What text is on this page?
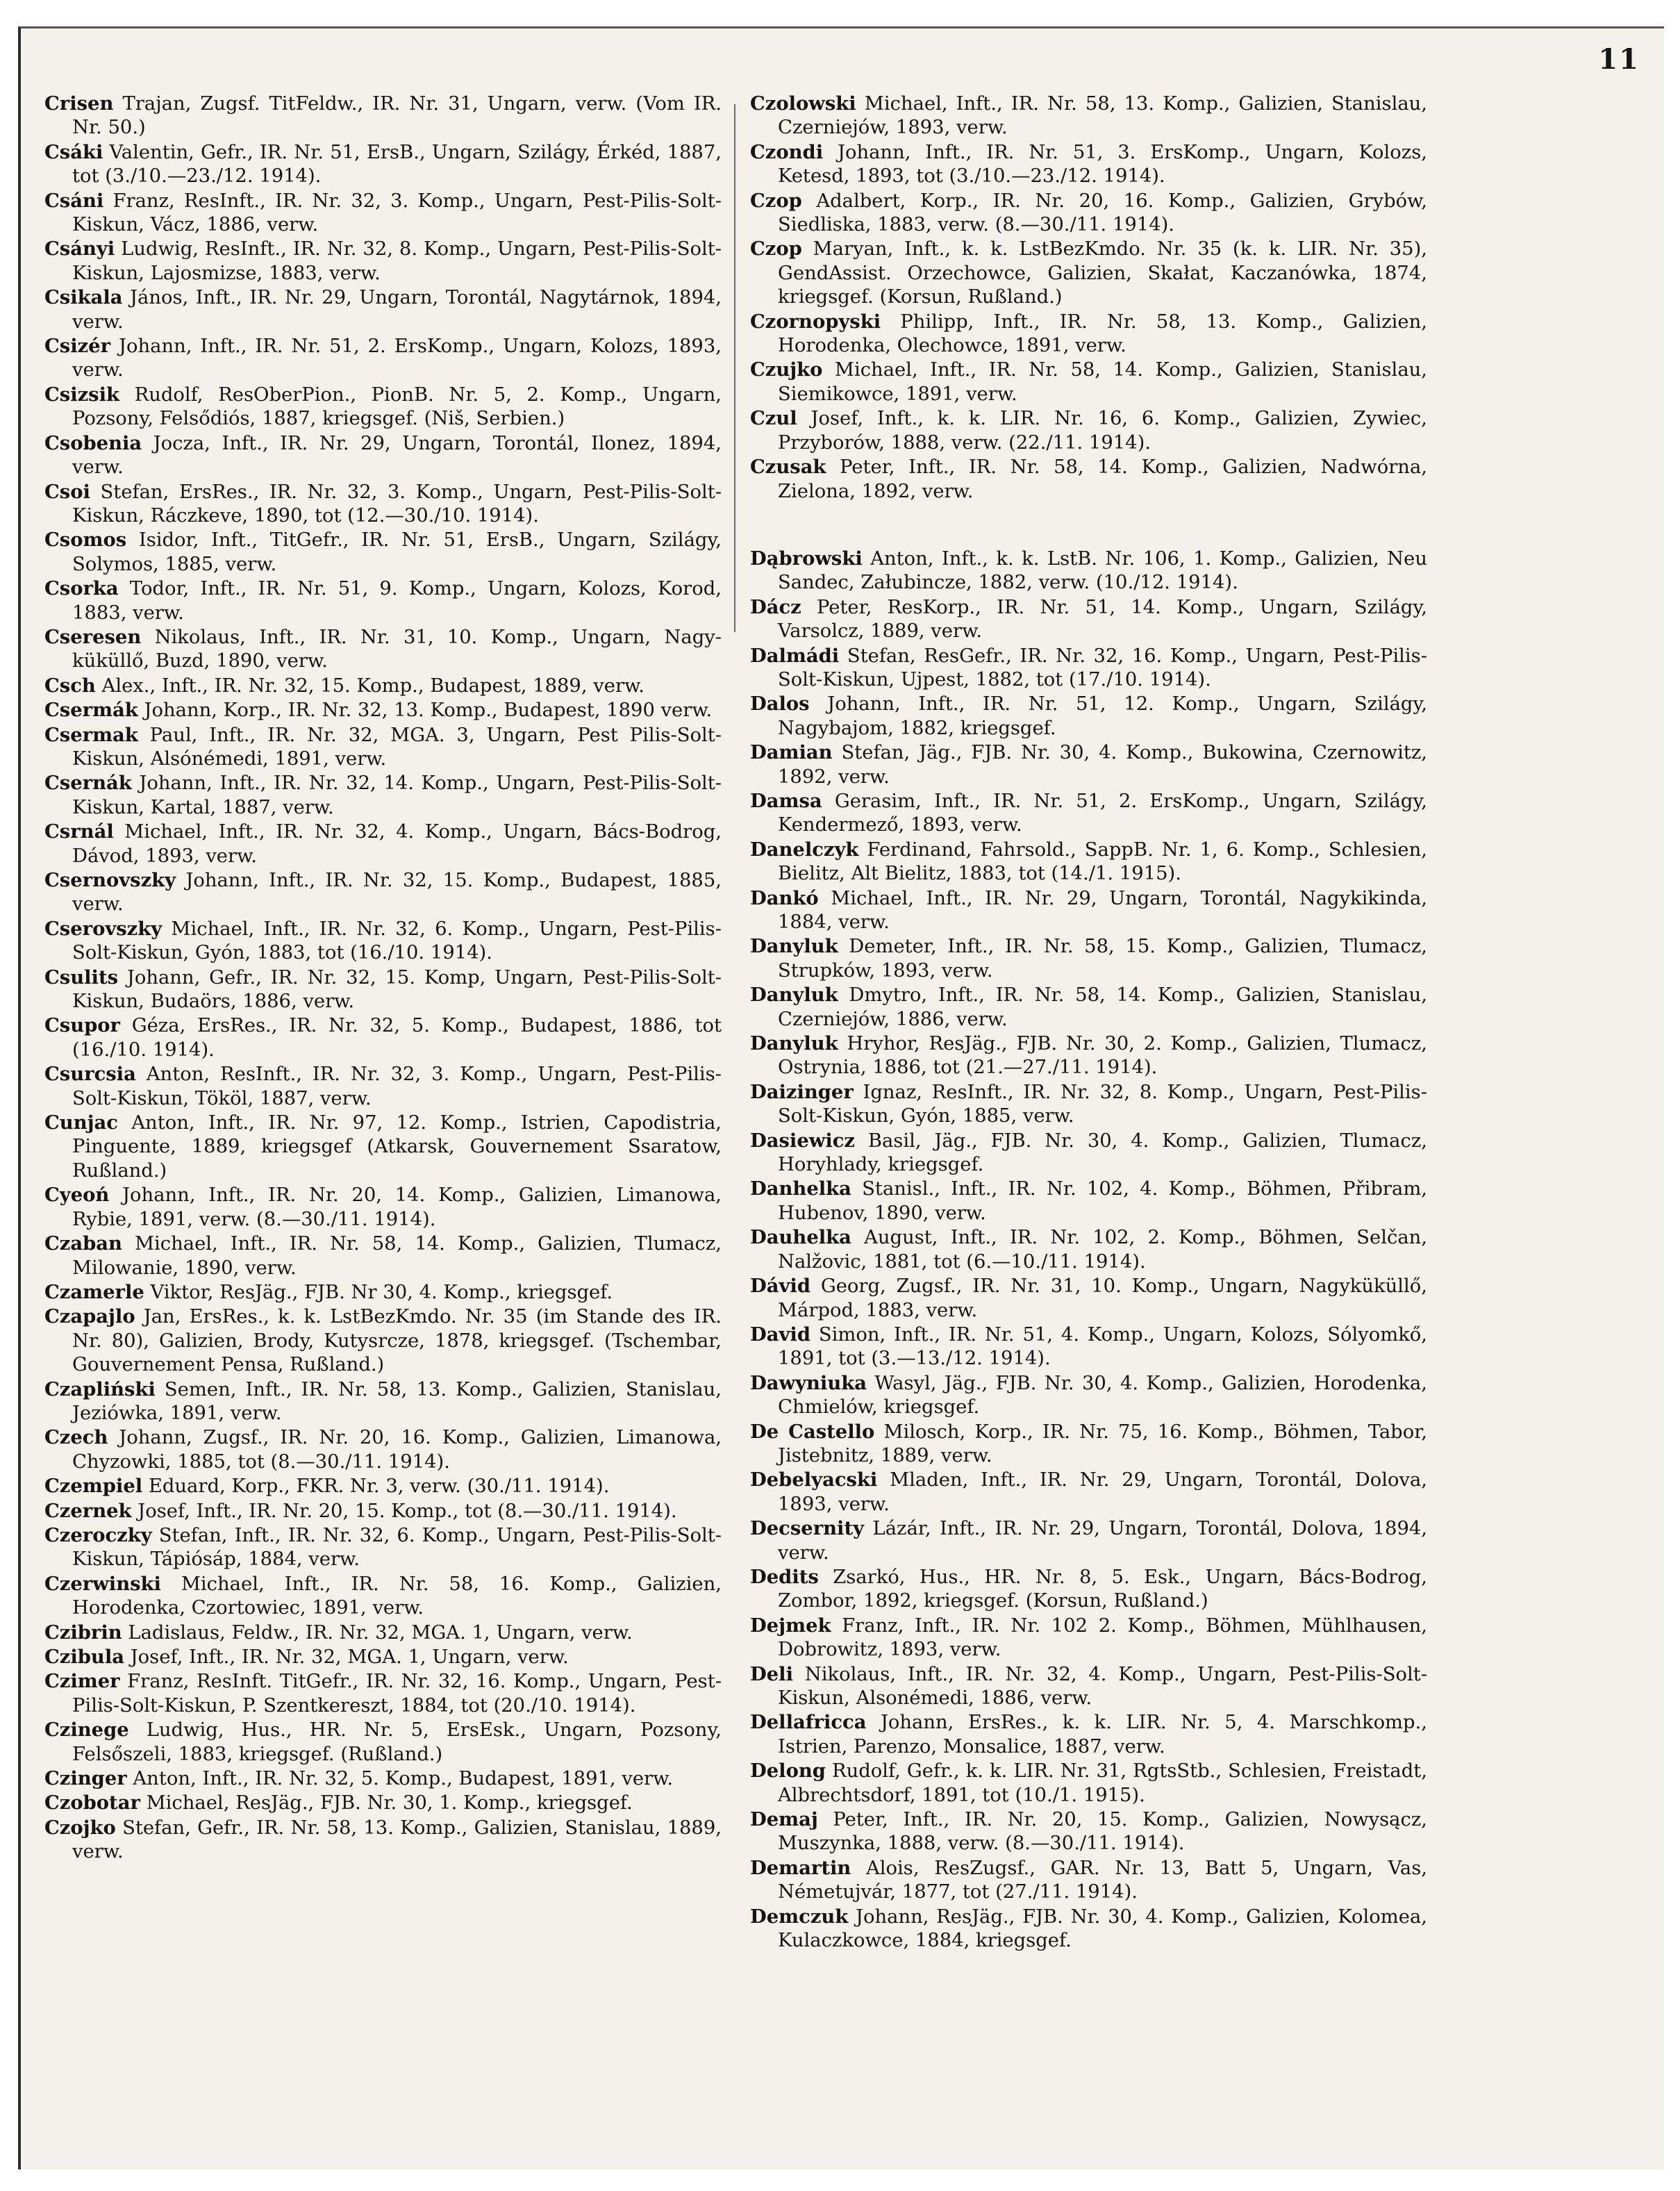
11

Crisen Trajan, Zugsf. TitFeldw., IR. Nr. 31, Ungarn, verw. (Vom IR. Nr. 50.)

Csáki Valentin, Gefr., IR. Nr. 51, ErsB., Ungarn, Szilágy, Érkéd, 1887, tot (3./10.—23./12. 1914).

Csáni Franz, ResInft., IR. Nr. 32, 3. Komp., Ungarn, Pest-Pilis-Solt-Kiskun, Vácz, 1886, verw.

Csányi Ludwig, ResInft., IR. Nr. 32, 8. Komp., Ungarn, Pest-Pilis-Solt-Kiskun, Lajosmizse, 1883, verw.

Csikala János, Inft., IR. Nr. 29, Ungarn, Torontál, Nagytárnok, 1894, verw.

Csizér Johann, Inft., IR. Nr. 51, 2. ErsKomp., Ungarn, Kolozs, 1893, verw.

Csizsik Rudolf, ResOberPion., PionB. Nr. 5, 2. Komp., Ungarn, Pozsony, Felsődiós, 1887, kriegsgef. (Niš, Serbien.)

Csobenia Jocza, Inft., IR. Nr. 29, Ungarn, Torontál, Ilonez, 1894, verw.

Csoi Stefan, ErsRes., IR. Nr. 32, 3. Komp., Ungarn, Pest-Pilis-Solt-Kiskun, Ráczkeve, 1890, tot (12.—30./10. 1914).

Csomos Isidor, Inft., TitGefr., IR. Nr. 51, ErsB., Ungarn, Szilágy, Solymos, 1885, verw.

Csorka Todor, Inft., IR. Nr. 51, 9. Komp., Ungarn, Kolozs, Korod, 1883, verw.

Cseresen Nikolaus, Inft., IR. Nr. 31, 10. Komp., Ungarn, Nagy-küküllő, Buzd, 1890, verw.

Csch Alex., Inft., IR. Nr. 32, 15. Komp., Budapest, 1889, verw.

Csermák Johann, Korp., IR. Nr. 32, 13. Komp., Budapest, 1890 verw.

Csermak Paul, Inft., IR. Nr. 32, MGA. 3, Ungarn, Pest Pilis-Solt-Kiskun, Alsónémedi, 1891, verw.

Csernák Johann, Inft., IR. Nr. 32, 14. Komp., Ungarn, Pest-Pilis-Solt-Kiskun, Kartal, 1887, verw.

Csrnál Michael, Inft., IR. Nr. 32, 4. Komp., Ungarn, Bács-Bodrog, Dávod, 1893, verw.

Csernovszky Johann, Inft., IR. Nr. 32, 15. Komp., Budapest, 1885, verw.

Cserovszky Michael, Inft., IR. Nr. 32, 6. Komp., Ungarn, Pest-Pilis-Solt-Kiskun, Gyón, 1883, tot (16./10. 1914).

Csulits Johann, Gefr., IR. Nr. 32, 15. Komp, Ungarn, Pest-Pilis-Solt-Kiskun, Budaörs, 1886, verw.

Csupor Géza, ErsRes., IR. Nr. 32, 5. Komp., Budapest, 1886, tot (16./10. 1914).

Csurcsia Anton, ResInft., IR. Nr. 32, 3. Komp., Ungarn, Pest-Pilis-Solt-Kiskun, Tököl, 1887, verw.

Cunjac Anton, Inft., IR. Nr. 97, 12. Komp., Istrien, Capodistria, Pinguente, 1889, kriegsgef (Atkarsk, Gouvernement Ssaratow, Rußland.)

Cyeoń Johann, Inft., IR. Nr. 20, 14. Komp., Galizien, Limanowa, Rybie, 1891, verw. (8.—30./11. 1914).

Czaban Michael, Inft., IR. Nr. 58, 14. Komp., Galizien, Tlumacz, Milowanie, 1890, verw.

Czamerle Viktor, ResJäg., FJB. Nr 30, 4. Komp., kriegsgef.

Czapajlo Jan, ErsRes., k. k. LstBezKmdo. Nr. 35 (im Stande des IR. Nr. 80), Galizien, Brody, Kutysrcze, 1878, kriegsgef. (Tschembar, Gouvernement Pensa, Rußland.)

Czapliński Semen, Inft., IR. Nr. 58, 13. Komp., Galizien, Stanislau, Jeziówka, 1891, verw.

Czech Johann, Zugsf., IR. Nr. 20, 16. Komp., Galizien, Limanowa, Chyzowki, 1885, tot (8.—30./11. 1914).

Czempiel Eduard, Korp., FKR. Nr. 3, verw. (30./11. 1914).

Czernek Josef, Inft., IR. Nr. 20, 15. Komp., tot (8.—30./11. 1914).

Czeroczky Stefan, Inft., IR. Nr. 32, 6. Komp., Ungarn, Pest-Pilis-Solt-Kiskun, Tápiósáp, 1884, verw.

Czerwinski Michael, Inft., IR. Nr. 58, 16. Komp., Galizien, Horodenka, Czortowiec, 1891, verw.

Czibrin Ladislaus, Feldw., IR. Nr. 32, MGA. 1, Ungarn, verw.

Czibula Josef, Inft., IR. Nr. 32, MGA. 1, Ungarn, verw.

Czimer Franz, ResInft. TitGefr., IR. Nr. 32, 16. Komp., Ungarn, Pest-Pilis-Solt-Kiskun, P. Szentkereszt, 1884, tot (20./10. 1914).

Czinege Ludwig, Hus., HR. Nr. 5, ErsEsk., Ungarn, Pozsony, Felsőszeli, 1883, kriegsgef. (Rußland.)

Czinger Anton, Inft., IR. Nr. 32, 5. Komp., Budapest, 1891, verw.

Czobotar Michael, ResJäg., FJB. Nr. 30, 1. Komp., kriegsgef.

Czojko Stefan, Gefr., IR. Nr. 58, 13. Komp., Galizien, Stanislau, 1889, verw.

Czolowski Michael, Inft., IR. Nr. 58, 13. Komp., Galizien, Stanislau, Czerniejów, 1893, verw.

Czondi Johann, Inft., IR. Nr. 51, 3. ErsKomp., Ungarn, Kolozs, Ketesd, 1893, tot (3./10.—23./12. 1914).

Czop Adalbert, Korp., IR. Nr. 20, 16. Komp., Galizien, Grybów, Siedliska, 1883, verw. (8.—30./11. 1914).

Czop Maryan, Inft., k. k. LstBezKmdo. Nr. 35 (k. k. LIR. Nr. 35), GendAssist. Orzechowce, Galizien, Skałat, Kaczanówka, 1874, kriegsgef. (Korsun, Rußland.)

Czornopyski Philipp, Inft., IR. Nr. 58, 13. Komp., Galizien, Horodenka, Olechowce, 1891, verw.

Czujko Michael, Inft., IR. Nr. 58, 14. Komp., Galizien, Stanislau, Siemikowce, 1891, verw.

Czul Josef, Inft., k. k. LIR. Nr. 16, 6. Komp., Galizien, Zywiec, Przyborów, 1888, verw. (22./11. 1914).

Czusak Peter, Inft., IR. Nr. 58, 14. Komp., Galizien, Nadwórna, Zielona, 1892, verw.

Dąbrowski Anton, Inft., k. k. LstB. Nr. 106, 1. Komp., Galizien, Neu Sandec, Załubincze, 1882, verw. (10./12. 1914).

Dácz Peter, ResKorp., IR. Nr. 51, 14. Komp., Ungarn, Szilágy, Varsolcz, 1889, verw.

Dalmádi Stefan, ResGefr., IR. Nr. 32, 16. Komp., Ungarn, Pest-Pilis-Solt-Kiskun, Ujpest, 1882, tot (17./10. 1914).

Dalos Johann, Inft., IR. Nr. 51, 12. Komp., Ungarn, Szilágy, Nagybajom, 1882, kriegsgef.

Damian Stefan, Jäg., FJB. Nr. 30, 4. Komp., Bukowina, Czernowitz, 1892, verw.

Damsa Gerasim, Inft., IR. Nr. 51, 2. ErsKomp., Ungarn, Szilágy, Kendermező, 1893, verw.

Danelczyk Ferdinand, Fahrsold., SappB. Nr. 1, 6. Komp., Schlesien, Bielitz, Alt Bielitz, 1883, tot (14./1. 1915).

Dankó Michael, Inft., IR. Nr. 29, Ungarn, Torontál, Nagykikinda, 1884, verw.

Danyluk Demeter, Inft., IR. Nr. 58, 15. Komp., Galizien, Tlumacz, Strupków, 1893, verw.

Danyluk Dmytro, Inft., IR. Nr. 58, 14. Komp., Galizien, Stanislau, Czerniejów, 1886, verw.

Danyluk Hryhor, ResJäg., FJB. Nr. 30, 2. Komp., Galizien, Tlumacz, Ostrynia, 1886, tot (21.—27./11. 1914).

Daizinger Ignaz, ResInft., IR. Nr. 32, 8. Komp., Ungarn, Pest-Pilis-Solt-Kiskun, Gyón, 1885, verw.

Dasiewicz Basil, Jäg., FJB. Nr. 30, 4. Komp., Galizien, Tlumacz, Horyhlady, kriegsgef.

Danhelka Stanisl., Inft., IR. Nr. 102, 4. Komp., Böhmen, Přibram, Hubenov, 1890, verw.

Dauhelka August, Inft., IR. Nr. 102, 2. Komp., Böhmen, Selčan, Nalžovic, 1881, tot (6.—10./11. 1914).

Dávid Georg, Zugsf., IR. Nr. 31, 10. Komp., Ungarn, Nagyküküllő, Márpod, 1883, verw.

David Simon, Inft., IR. Nr. 51, 4. Komp., Ungarn, Kolozs, Sólyomkő, 1891, tot (3.—13./12. 1914).

Dawyniuka Wasyl, Jäg., FJB. Nr. 30, 4. Komp., Galizien, Horodenka, Chmielów, kriegsgef.

De Castello Milosch, Korp., IR. Nr. 75, 16. Komp., Böhmen, Tabor, Jistebnitz, 1889, verw.

Debelyacski Mladen, Inft., IR. Nr. 29, Ungarn, Torontál, Dolova, 1893, verw.

Decsernity Lázár, Inft., IR. Nr. 29, Ungarn, Torontál, Dolova, 1894, verw.

Dedits Zsarkó, Hus., HR. Nr. 8, 5. Esk., Ungarn, Bács-Bodrog, Zombor, 1892, kriegsgef. (Korsun, Rußland.)

Dejmek Franz, Inft., IR. Nr. 102 2. Komp., Böhmen, Mühlhausen, Dobrowitz, 1893, verw.

Deli Nikolaus, Inft., IR. Nr. 32, 4. Komp., Ungarn, Pest-Pilis-Solt-Kiskun, Alsonémedi, 1886, verw.

Dellafricca Johann, ErsRes., k. k. LIR. Nr. 5, 4. Marschkomp., Istrien, Parenzo, Monsalice, 1887, verw.

Delong Rudolf, Gefr., k. k. LIR. Nr. 31, RgtsStb., Schlesien, Freistadt, Albrechtsdorf, 1891, tot (10./1. 1915).

Demaj Peter, Inft., IR. Nr. 20, 15. Komp., Galizien, Nowysącz, Muszynka, 1888, verw. (8.—30./11. 1914).

Demartin Alois, ResZugsf., GAR. Nr. 13, Batt 5, Ungarn, Vas, Németujvár, 1877, tot (27./11. 1914).

Demczuk Johann, ResJäg., FJB. Nr. 30, 4. Komp., Galizien, Kolomea, Kulaczkowce, 1884, kriegsgef.
